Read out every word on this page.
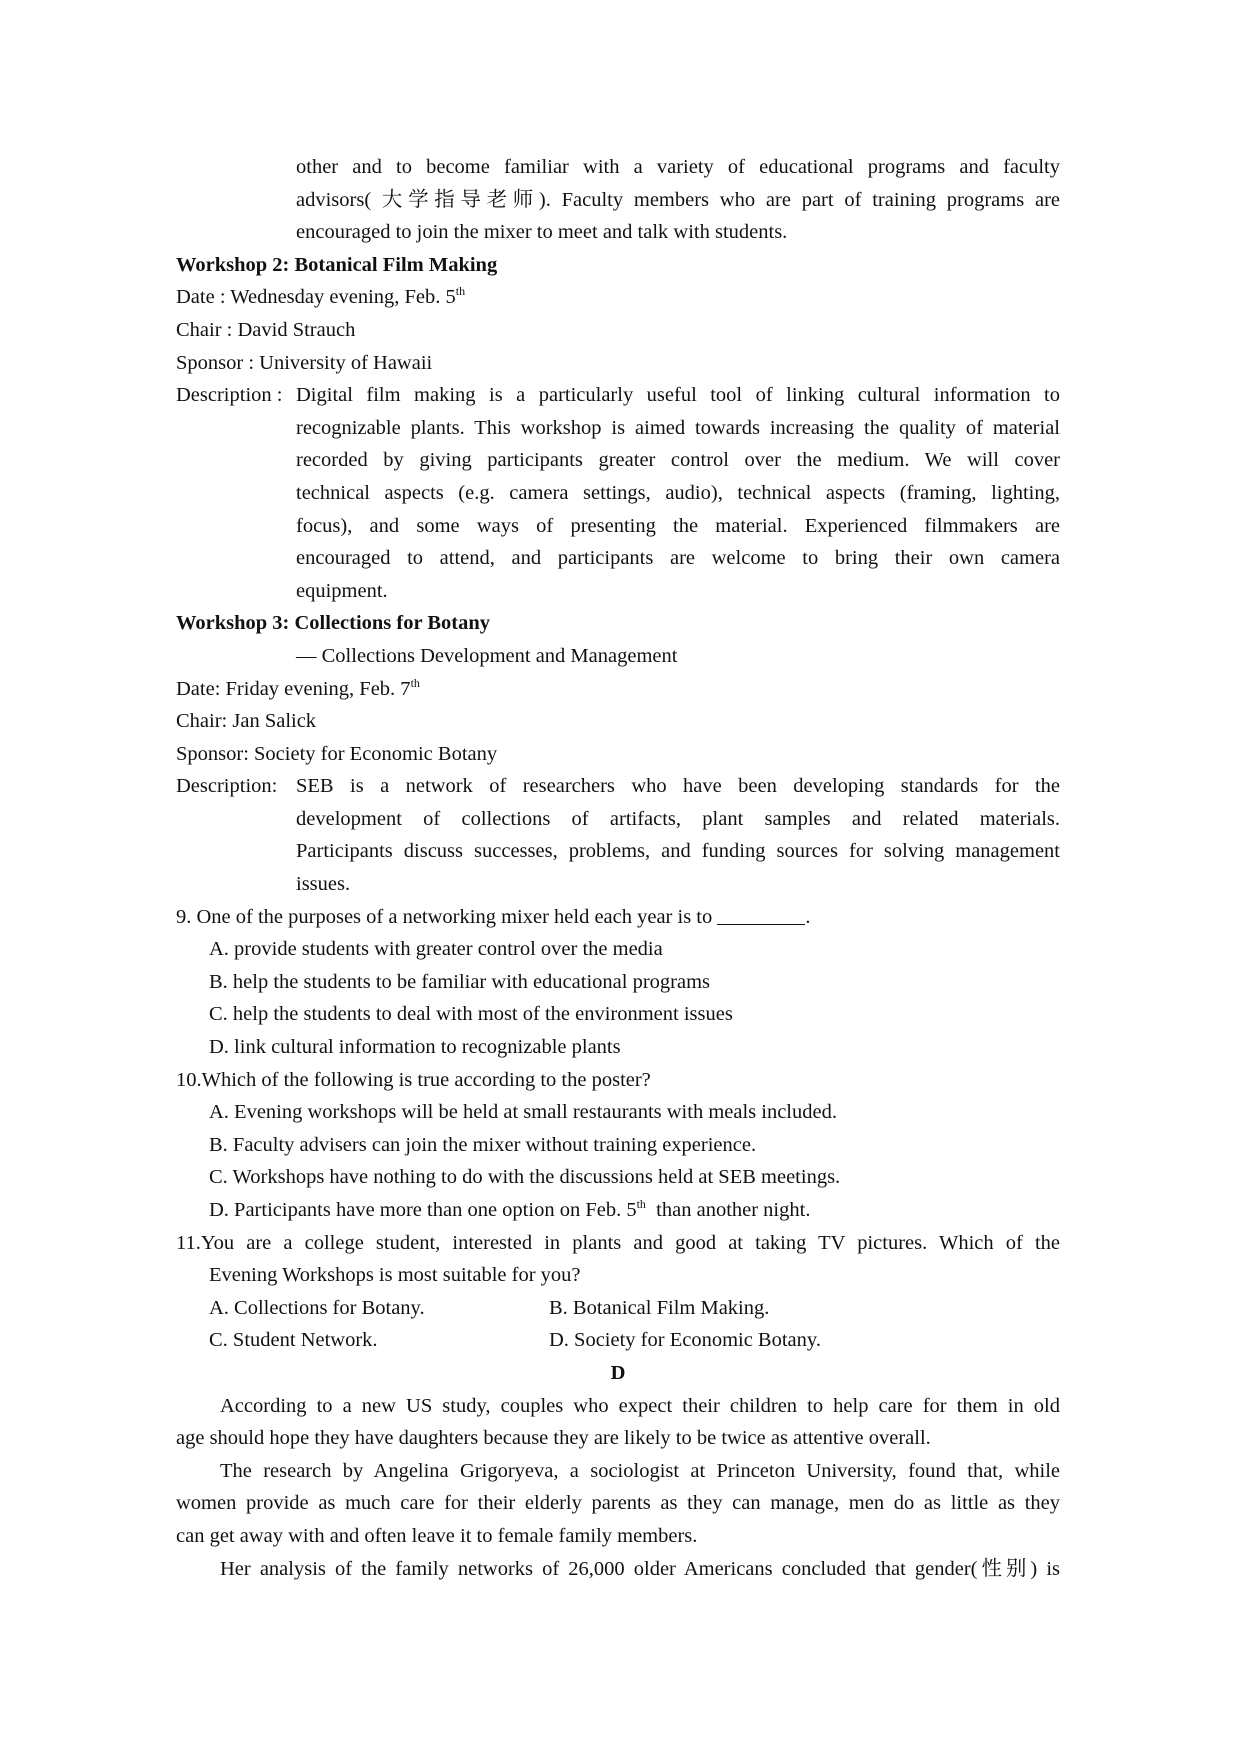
other and to become familiar with a variety of educational programs and faculty
advisors( 大学指导老师). Faculty members who are part of training programs are
encouraged to join the mixer to meet and talk with students.
Workshop 2: Botanical Film Making
Date : Wednesday evening, Feb. 5th
Chair : David Strauch
Sponsor : University of Hawaii
Description : Digital film making is a particularly useful tool of linking cultural information to
recognizable plants. This workshop is aimed towards increasing the quality of material
recorded by giving participants greater control over the medium. We will cover
technical aspects (e.g. camera settings, audio), technical aspects (framing, lighting,
focus), and some ways of presenting the material. Experienced filmmakers are
encouraged to attend, and participants are welcome to bring their own camera
equipment.
Workshop 3: Collections for Botany
— Collections Development and Management
Date: Friday evening, Feb. 7th
Chair: Jan Salick
Sponsor: Society for Economic Botany
Description: SEB is a network of researchers who have been developing standards for the
development of collections of artifacts, plant samples and related materials.
Participants discuss successes, problems, and funding sources for solving management
issues.
9. One of the purposes of a networking mixer held each year is to	.
A. provide students with greater control over the media
B. help the students to be familiar with educational programs
C. help the students to deal with most of the environment issues
D. link cultural information to recognizable plants
10.Which of the following is true according to the poster?
A. Evening workshops will be held at small restaurants with meals included.
B. Faculty advisers can join the mixer without training experience.
C. Workshops have nothing to do with the discussions held at SEB meetings.
D. Participants have more than one option on Feb. 5th  than another night.
11.You are a college student, interested in plants and good at taking TV pictures. Which of the
Evening Workshops is most suitable for you?
A. Collections for Botany.	B. Botanical Film Making.
C. Student Network.	D. Society for Economic Botany.
D
According to a new US study, couples who expect their children to help care for them in old
age should hope they have daughters because they are likely to be twice as attentive overall.
The research by Angelina Grigoryeva, a sociologist at Princeton University, found that, while
women provide as much care for their elderly parents as they can manage, men do as little as they
can get away with and often leave it to female family members.
Her analysis of the family networks of 26,000 older Americans concluded that gender(性别) is
